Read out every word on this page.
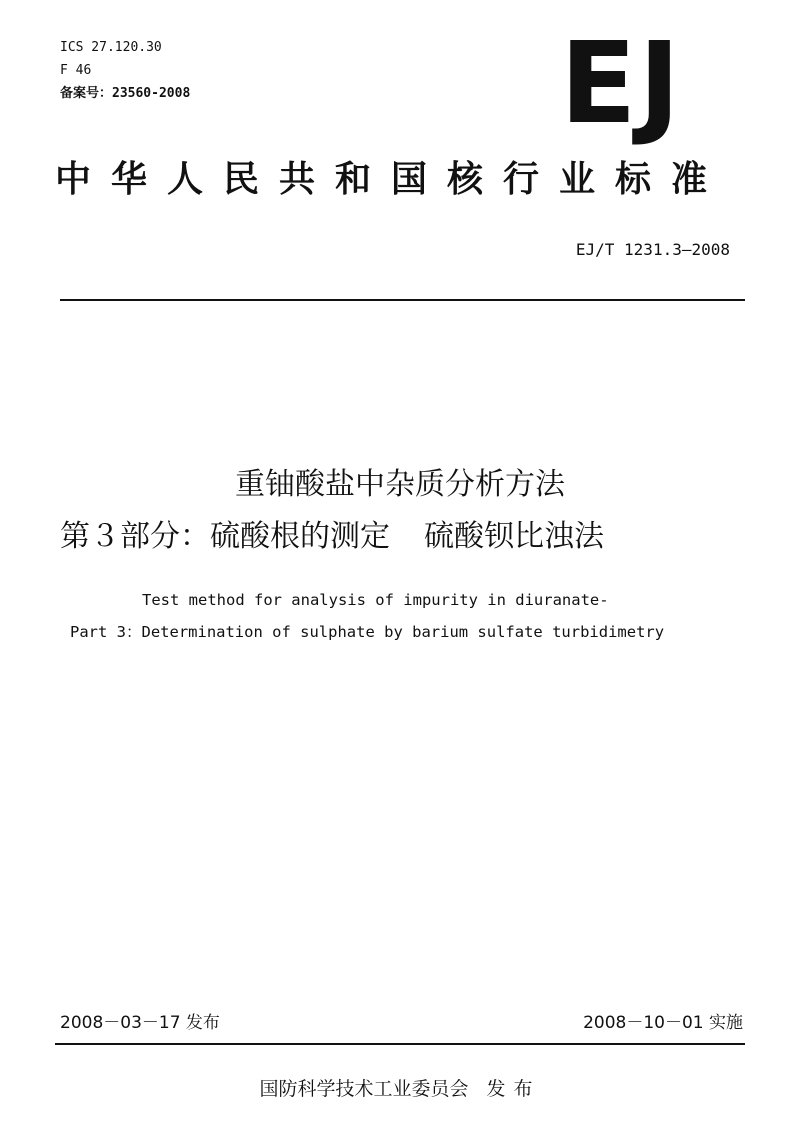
ICS 27.120.30
F 46
备案号：23560-2008	EJ
中华人民共和国核行业标准
EJ/T 1231.3—2008
重铀酸盐中杂质分析方法
第３部分：硫酸根的测定 硫酸钡比浊法
Test method for analysis of impurity in diuranate-
Part 3：Determination of sulphate by barium sulfate turbidimetry
2008－03－17 发布	2008－10－01 实施
国防科学技术工业委员会 发布
